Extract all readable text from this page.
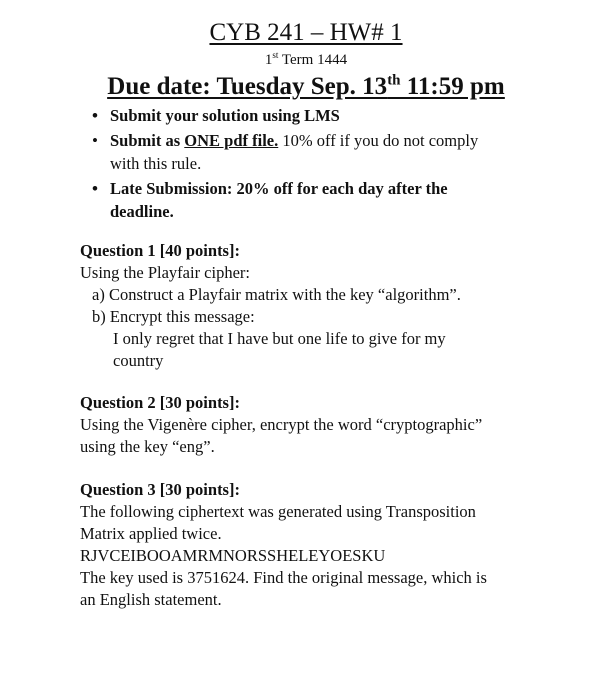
CYB 241 – HW# 1
1st Term 1444
Due date: Tuesday Sep. 13th 11:59 pm
• Submit your solution using LMS
• Submit as ONE pdf file. 10% off if you do not comply
with this rule.
• Late Submission: 20% off for each day after the
deadline.
Question 1 [40 points]:
Using the Playfair cipher:
a) Construct a Playfair matrix with the key “algorithm”.
b) Encrypt this message:
I only regret that I have but one life to give for my
country
Question 2 [30 points]:
Using the Vigenère cipher, encrypt the word “cryptographic”
using the key “eng”.
Question 3 [30 points]:
The following ciphertext was generated using Transposition
Matrix applied twice.
RJVCEIBOOAMRMNORSSHELEYOESKU
The key used is 3751624. Find the original message, which is
an English statement.
